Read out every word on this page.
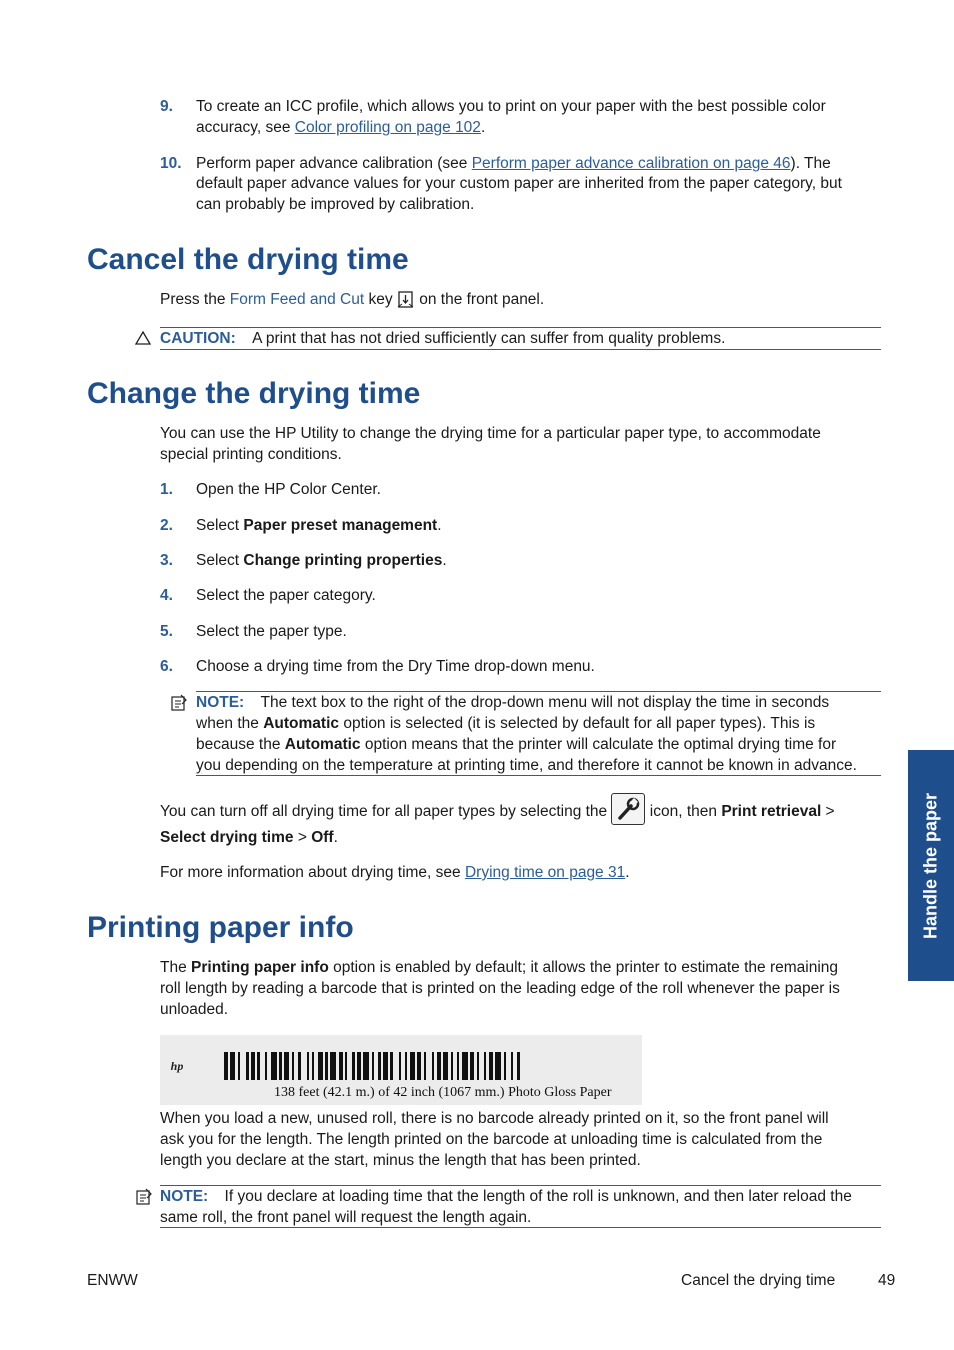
9. To create an ICC profile, which allows you to print on your paper with the best possible color
accuracy, see Color profiling on page 102.
10. Perform paper advance calibration (see Perform paper advance calibration on page 46). The
default paper advance values for your custom paper are inherited from the paper category, but
can probably be improved by calibration.
Cancel the drying time
Press the Form Feed and Cut key  on the front panel.
CAUTION: A print that has not dried sufficiently can suffer from quality problems.
Change the drying time
You can use the HP Utility to change the drying time for a particular paper type, to accommodate
special printing conditions.
1. Open the HP Color Center.
2. Select Paper preset management.
3. Select Change printing properties.
4. Select the paper category.
5. Select the paper type.
6. Choose a drying time from the Dry Time drop-down menu.
NOTE: The text box to the right of the drop-down menu will not display the time in seconds
when the Automatic option is selected (it is selected by default for all paper types). This is
because the Automatic option means that the printer will calculate the optimal drying time for
you depending on the temperature at printing time, and therefore it cannot be known in advance.
You can turn off all drying time for all paper types by selecting the  icon, then Print retrieval >
Select drying time > Off.
For more information about drying time, see Drying time on page 31.
Printing paper info
The Printing paper info option is enabled by default; it allows the printer to estimate the remaining
roll length by reading a barcode that is printed on the leading edge of the roll whenever the paper is
unloaded.
hp
138 feet (42.1 m.) of 42 inch (1067 mm.) Photo Gloss Paper
When you load a new, unused roll, there is no barcode already printed on it, so the front panel will
ask you for the length. The length printed on the barcode at unloading time is calculated from the
length you declare at the start, minus the length that has been printed.
NOTE: If you declare at loading time that the length of the roll is unknown, and then later reload the
same roll, the front panel will request the length again.
Handle the paper
ENWW	Cancel the drying time	49
